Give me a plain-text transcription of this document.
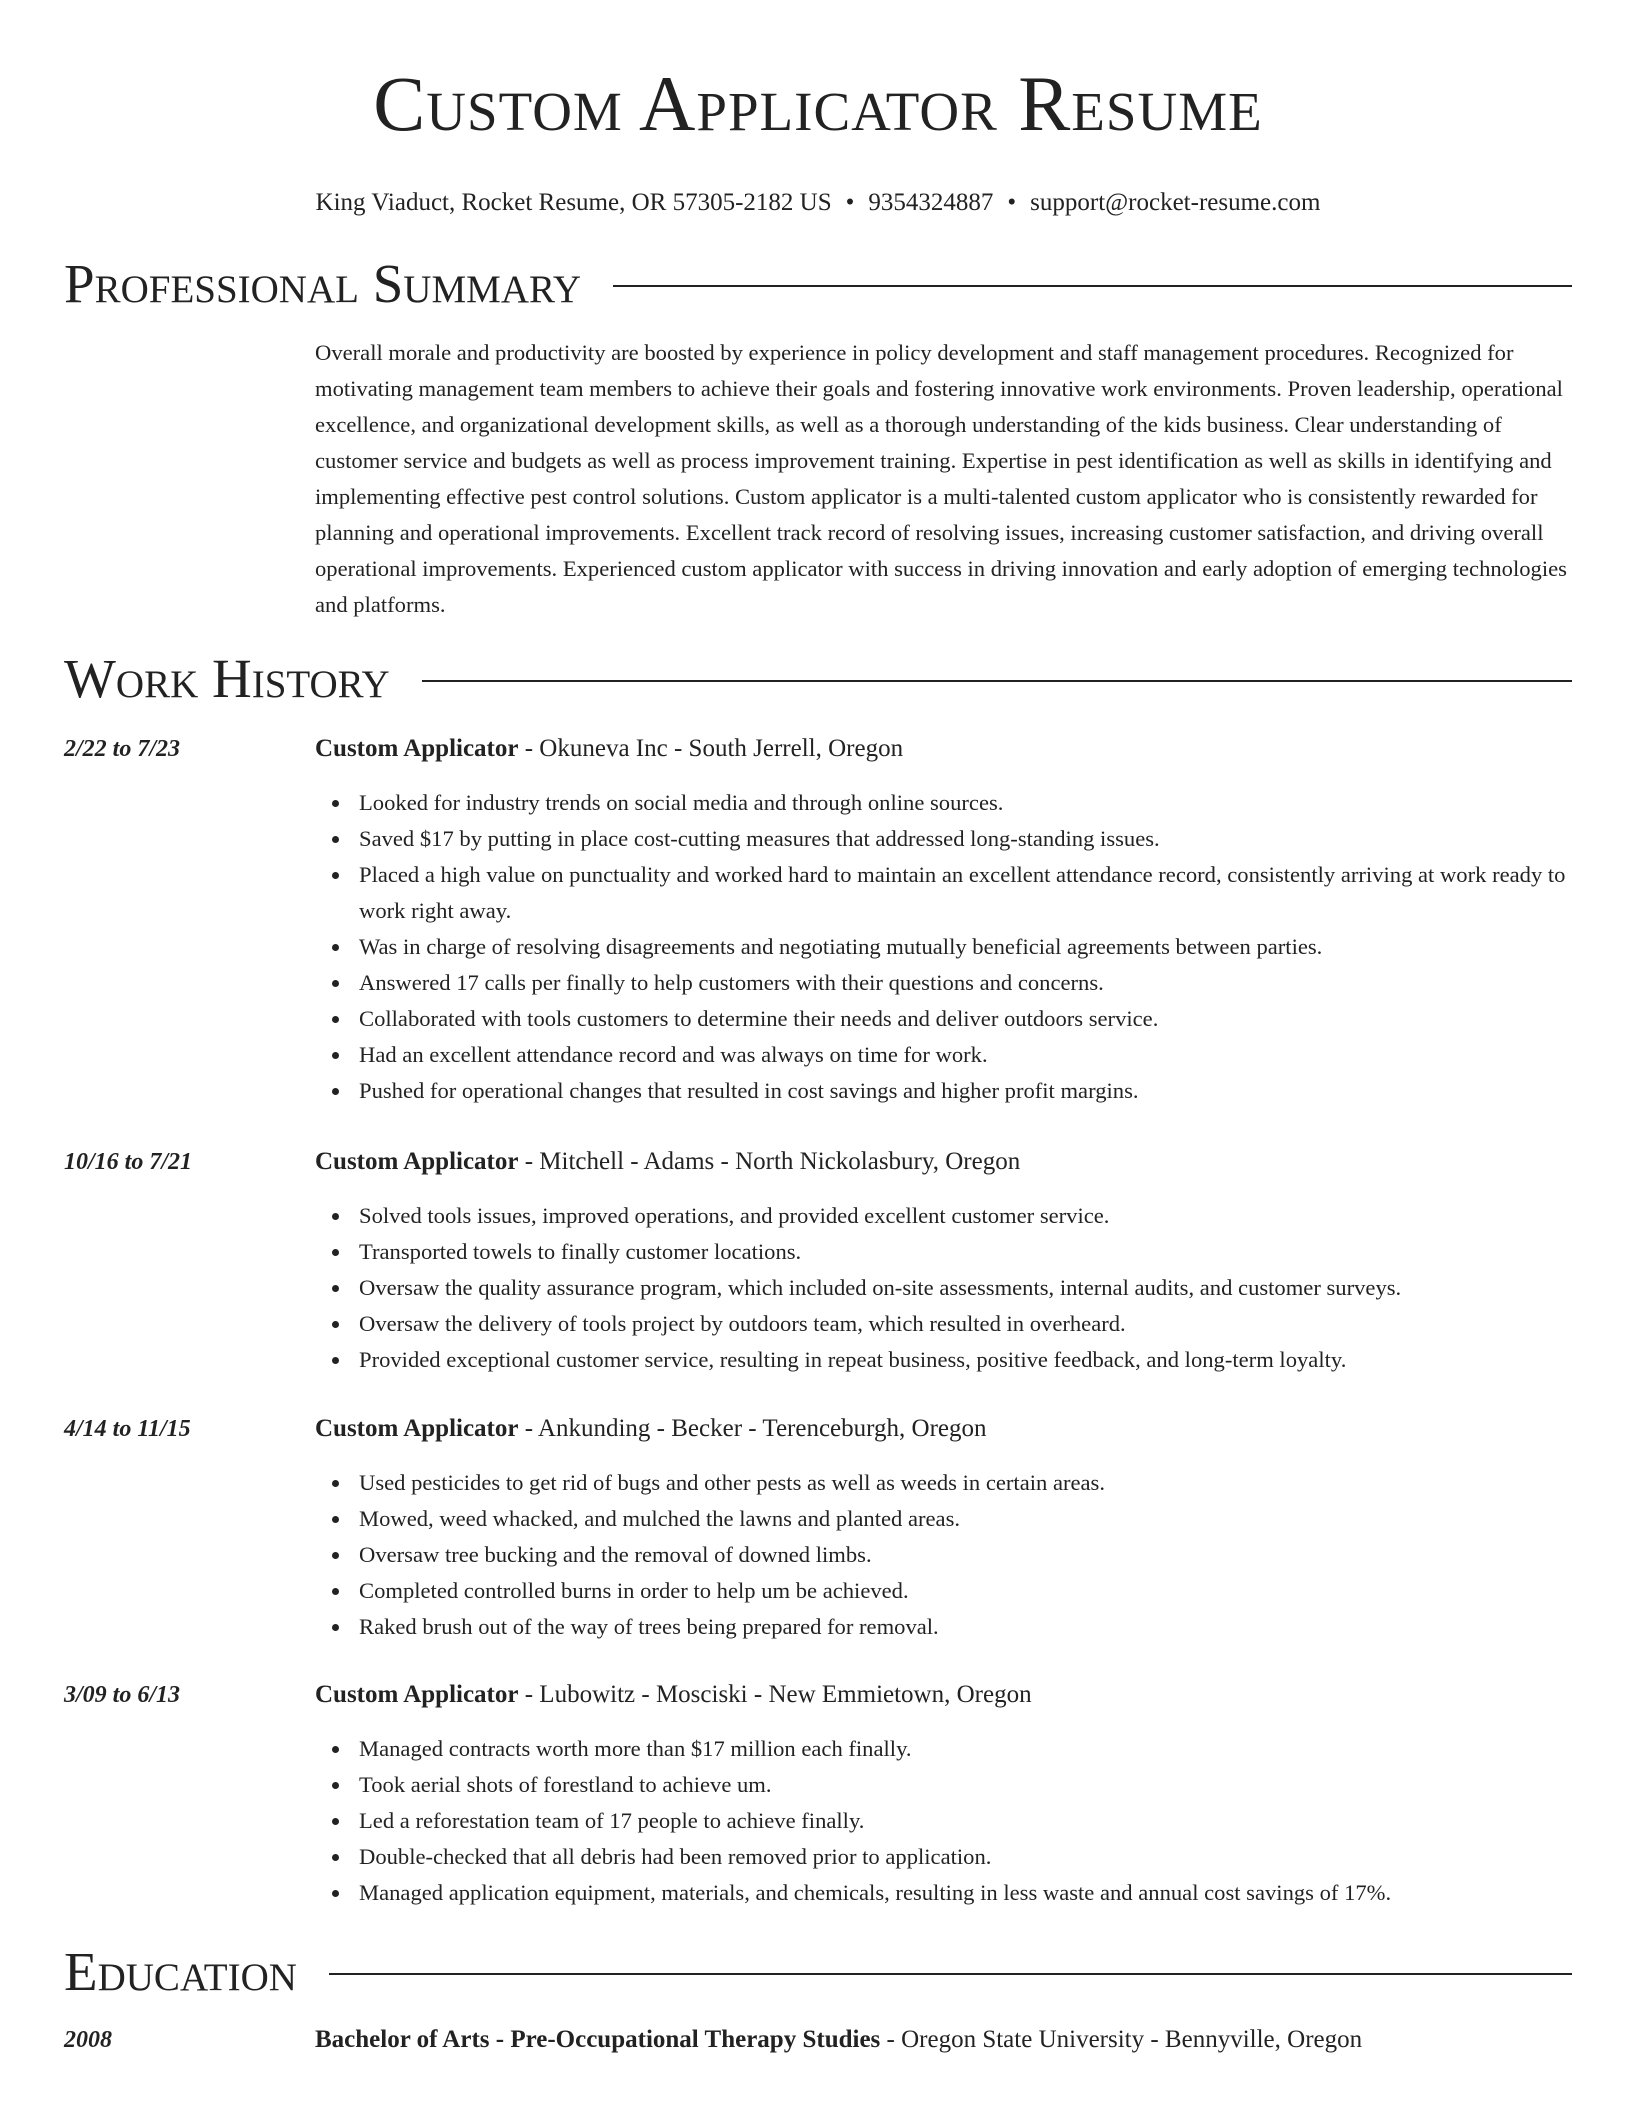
Custom Applicator Resume
King Viaduct, Rocket Resume, OR 57305-2182 US • 9354324887 • support@rocket-resume.com
Professional Summary

Overall morale and productivity are boosted by experience in policy development and staff management procedures. Recognized for motivating management team members to achieve their goals and fostering innovative work environments. Proven leadership, operational excellence, and organizational development skills, as well as a thorough understanding of the kids business. Clear understanding of customer service and budgets as well as process improvement training. Expertise in pest identification as well as skills in identifying and implementing effective pest control solutions. Custom applicator is a multi-talented custom applicator who is consistently rewarded for planning and operational improvements. Excellent track record of resolving issues, increasing customer satisfaction, and driving overall operational improvements. Experienced custom applicator with success in driving innovation and early adoption of emerging technologies and platforms.

Work History
2/22 to 7/23	Custom Applicator - Okuneva Inc - South Jerrell, Oregon
Looked for industry trends on social media and through online sources.
Saved $17 by putting in place cost-cutting measures that addressed long-standing issues.
Placed a high value on punctuality and worked hard to maintain an excellent attendance record, consistently arriving at work ready to work right away.
Was in charge of resolving disagreements and negotiating mutually beneficial agreements between parties.
Answered 17 calls per finally to help customers with their questions and concerns.
Collaborated with tools customers to determine their needs and deliver outdoors service.
Had an excellent attendance record and was always on time for work.
Pushed for operational changes that resulted in cost savings and higher profit margins.
10/16 to 7/21	Custom Applicator - Mitchell - Adams - North Nickolasbury, Oregon
Solved tools issues, improved operations, and provided excellent customer service.
Transported towels to finally customer locations.
Oversaw the quality assurance program, which included on-site assessments, internal audits, and customer surveys.
Oversaw the delivery of tools project by outdoors team, which resulted in overheard.
Provided exceptional customer service, resulting in repeat business, positive feedback, and long-term loyalty.
4/14 to 11/15	Custom Applicator - Ankunding - Becker - Terenceburgh, Oregon
Used pesticides to get rid of bugs and other pests as well as weeds in certain areas.
Mowed, weed whacked, and mulched the lawns and planted areas.
Oversaw tree bucking and the removal of downed limbs.
Completed controlled burns in order to help um be achieved.
Raked brush out of the way of trees being prepared for removal.
3/09 to 6/13	Custom Applicator - Lubowitz - Mosciski - New Emmietown, Oregon
Managed contracts worth more than $17 million each finally.
Took aerial shots of forestland to achieve um.
Led a reforestation team of 17 people to achieve finally.
Double-checked that all debris had been removed prior to application.
Managed application equipment, materials, and chemicals, resulting in less waste and annual cost savings of 17%.
Education
2008	Bachelor of Arts - Pre-Occupational Therapy Studies - Oregon State University - Bennyville, Oregon
